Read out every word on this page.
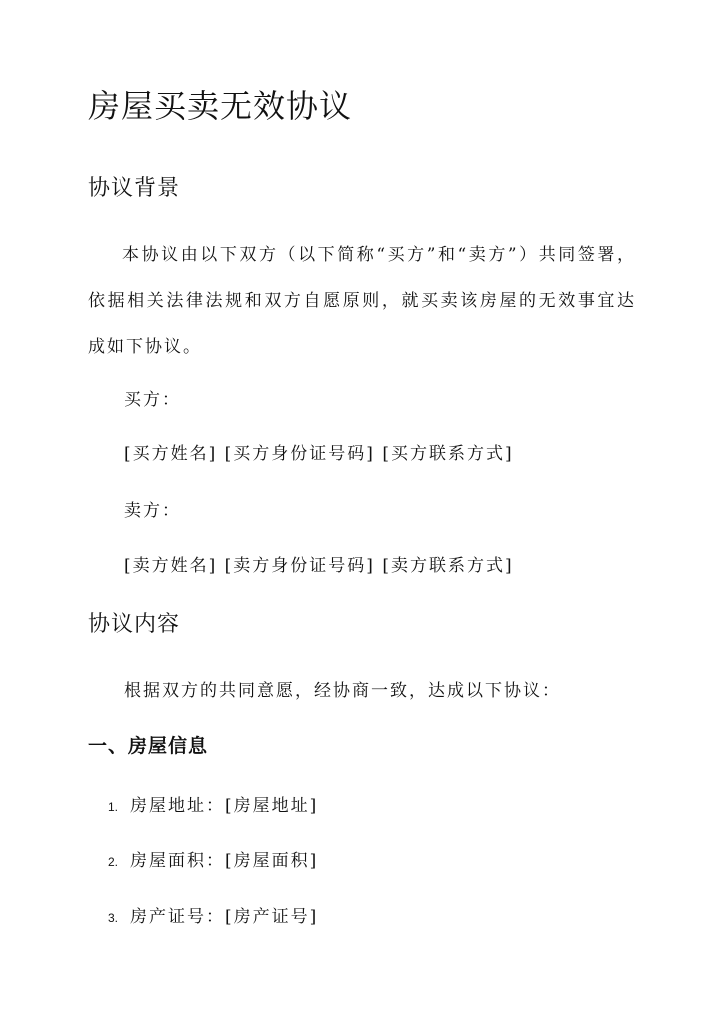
房屋买卖无效协议
协议背景

本协议由以下双方（以下简称“买方”和“卖方”）共同签署，依据相关法律法规和双方自愿原则，就买卖该房屋的无效事宜达成如下协议。

买方：

[买方姓名] [买方身份证号码] [买方联系方式]

卖方：

[卖方姓名] [卖方身份证号码] [卖方联系方式]

协议内容

根据双方的共同意愿，经协商一致，达成以下协议：

一、房屋信息

1. 房屋地址：[房屋地址]

2. 房屋面积：[房屋面积]

3. 房产证号：[房产证号]
